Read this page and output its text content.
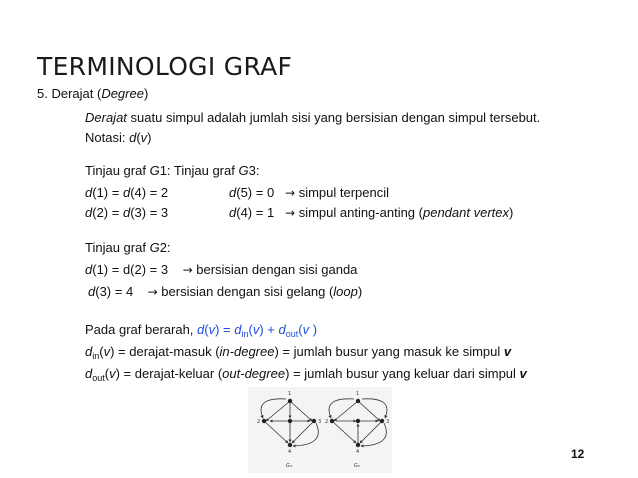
TERMINOLOGI GRAF
5. Derajat (Degree)
Derajat suatu simpul adalah jumlah sisi yang bersisian dengan simpul tersebut.
Notasi: d(v)
Tinjau graf G1: Tinjau graf G3:
d(1) = d(4) = 2	d(5) = 0 → simpul terpencil
d(2) = d(3) = 3	d(4) = 1 → simpul anting-anting (pendant vertex)
Tinjau graf G2:
d(1) = d(2) = 3 → bersisian dengan sisi ganda
d(3) = 4 → bersisian dengan sisi gelang (loop)
Pada graf berarah, $d(v) = d_{in}(v) + d_{out}(v$ )
$d_{in}(v)$ = derajat-masuk (in-degree) = jumlah busur yang masuk ke simpul v
$d_{out}(v)$ = derajat-keluar (out-degree) = jumlah busur yang keluar dari simpul v
1
2	3
4
G₄
1
2	3
4
G₅
12
